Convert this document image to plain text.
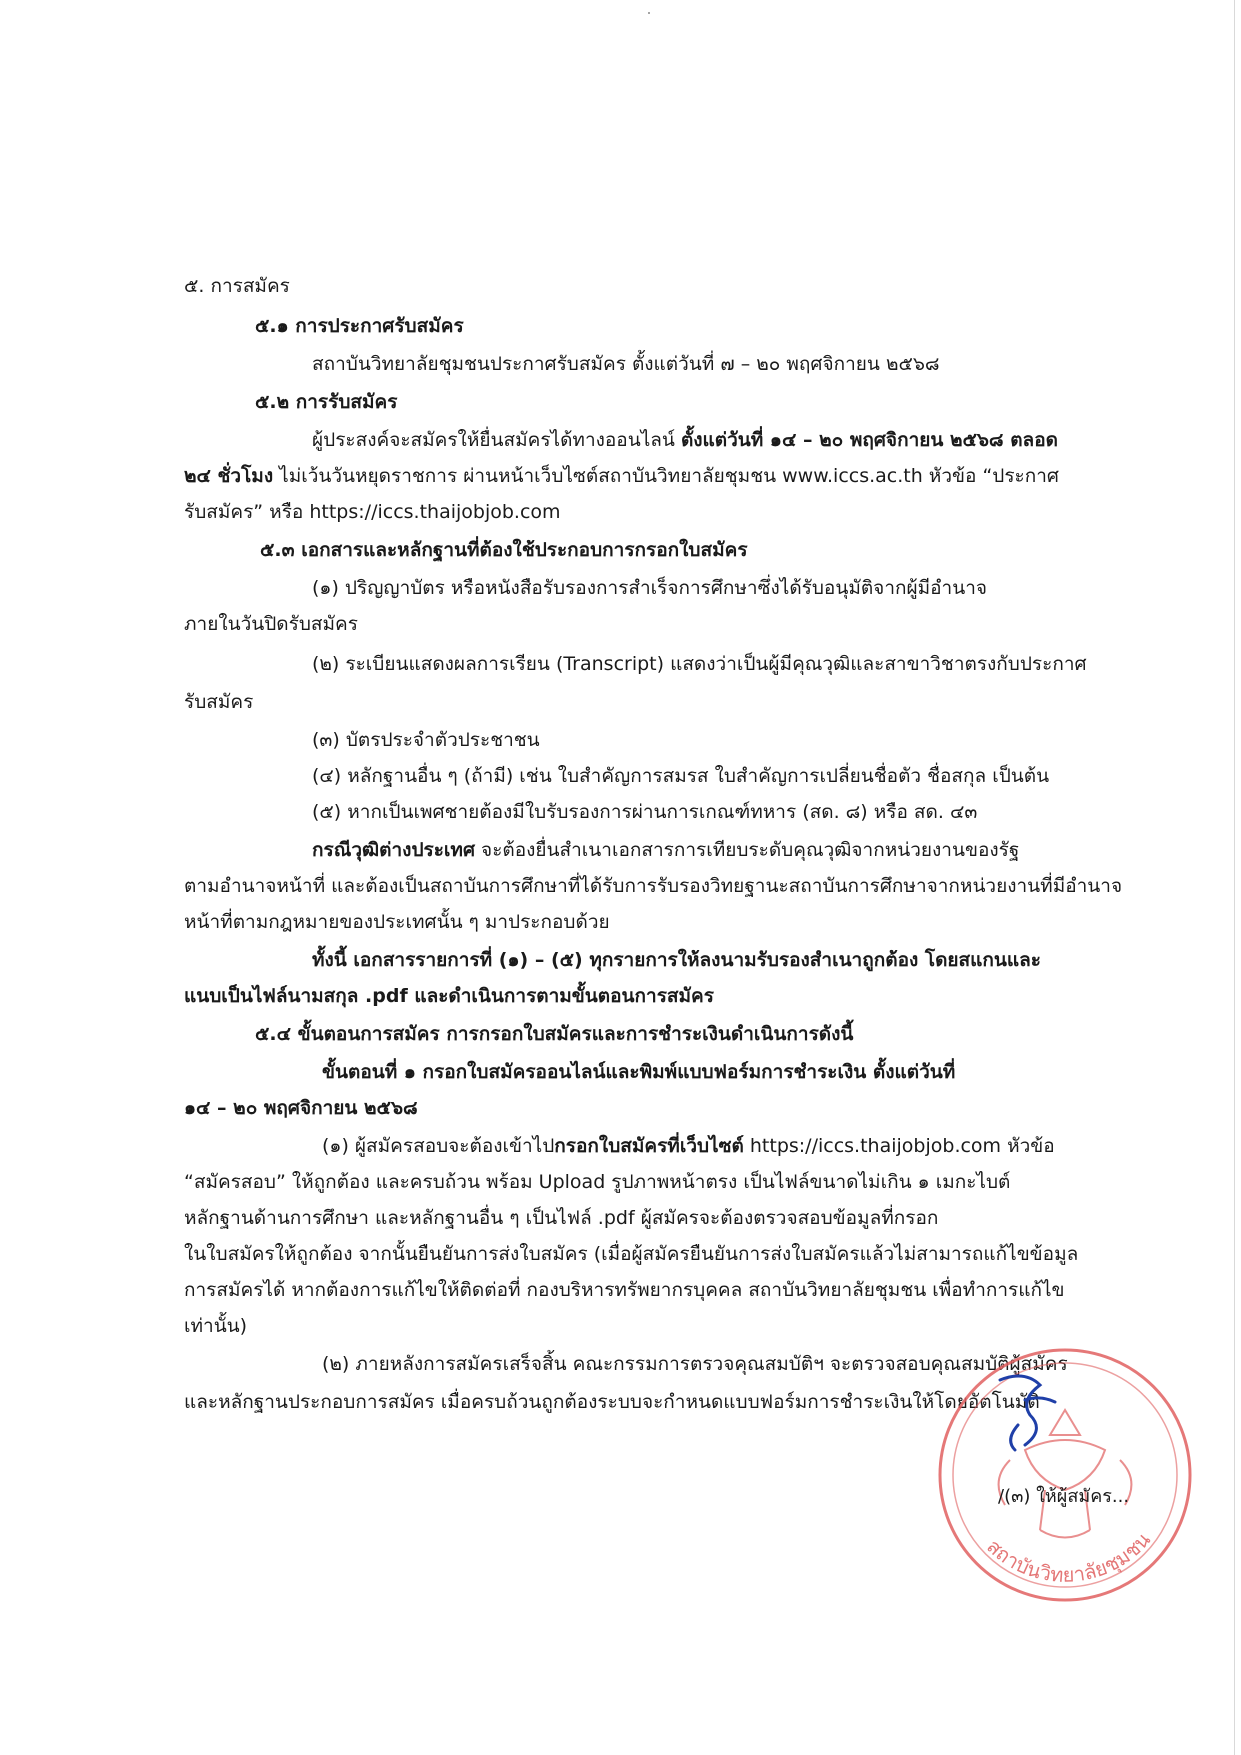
๕. การสมัคร
๕.๑ การประกาศรับสมัคร
สถาบันวิทยาลัยชุมชนประกาศรับสมัคร ตั้งแต่วันที่ ๗ – ๒๐ พฤศจิกายน ๒๕๖๘
๕.๒ การรับสมัคร
ผู้ประสงค์จะสมัครให้ยื่นสมัครได้ทางออนไลน์ ตั้งแต่วันที่ ๑๔ – ๒๐ พฤศจิกายน ๒๕๖๘ ตลอด
๒๔ ชั่วโมง ไม่เว้นวันหยุดราชการ ผ่านหน้าเว็บไซต์สถาบันวิทยาลัยชุมชน www.iccs.ac.th หัวข้อ “ประกาศ
รับสมัคร” หรือ https://iccs.thaijobjob.com
๕.๓ เอกสารและหลักฐานที่ต้องใช้ประกอบการกรอกใบสมัคร
(๑) ปริญญาบัตร หรือหนังสือรับรองการสำเร็จการศึกษาซึ่งได้รับอนุมัติจากผู้มีอำนาจ
ภายในวันปิดรับสมัคร
(๒) ระเบียนแสดงผลการเรียน (Transcript) แสดงว่าเป็นผู้มีคุณวุฒิและสาขาวิชาตรงกับประกาศ
รับสมัคร
(๓) บัตรประจำตัวประชาชน
(๔) หลักฐานอื่น ๆ (ถ้ามี) เช่น ใบสำคัญการสมรส ใบสำคัญการเปลี่ยนชื่อตัว ชื่อสกุล เป็นต้น
(๕) หากเป็นเพศชายต้องมีใบรับรองการผ่านการเกณฑ์ทหาร (สด. ๘) หรือ สด. ๔๓
กรณีวุฒิต่างประเทศ จะต้องยื่นสำเนาเอกสารการเทียบระดับคุณวุฒิจากหน่วยงานของรัฐ
ตามอำนาจหน้าที่ และต้องเป็นสถาบันการศึกษาที่ได้รับการรับรองวิทยฐานะสถาบันการศึกษาจากหน่วยงานที่มีอำนาจ
หน้าที่ตามกฎหมายของประเทศนั้น ๆ มาประกอบด้วย
ทั้งนี้ เอกสารรายการที่ (๑) – (๕) ทุกรายการให้ลงนามรับรองสำเนาถูกต้อง โดยสแกนและ
แนบเป็นไฟล์นามสกุล .pdf และดำเนินการตามขั้นตอนการสมัคร
๕.๔ ขั้นตอนการสมัคร การกรอกใบสมัครและการชำระเงินดำเนินการดังนี้
ขั้นตอนที่ ๑ กรอกใบสมัครออนไลน์และพิมพ์แบบฟอร์มการชำระเงิน ตั้งแต่วันที่
๑๔ – ๒๐ พฤศจิกายน ๒๕๖๘
(๑) ผู้สมัครสอบจะต้องเข้าไปกรอกใบสมัครที่เว็บไซต์ https://iccs.thaijobjob.com หัวข้อ
“สมัครสอบ” ให้ถูกต้อง และครบถ้วน พร้อม Upload รูปภาพหน้าตรง เป็นไฟล์ขนาดไม่เกิน ๑ เมกะไบต์
หลักฐานด้านการศึกษา และหลักฐานอื่น ๆ เป็นไฟล์ .pdf ผู้สมัครจะต้องตรวจสอบข้อมูลที่กรอก
ในใบสมัครให้ถูกต้อง จากนั้นยืนยันการส่งใบสมัคร (เมื่อผู้สมัครยืนยันการส่งใบสมัครแล้วไม่สามารถแก้ไขข้อมูล
การสมัครได้ หากต้องการแก้ไขให้ติดต่อที่ กองบริหารทรัพยากรบุคคล สถาบันวิทยาลัยชุมชน เพื่อทำการแก้ไข
เท่านั้น)
(๒) ภายหลังการสมัครเสร็จสิ้น คณะกรรมการตรวจคุณสมบัติฯ จะตรวจสอบคุณสมบัติผู้สมัคร
และหลักฐานประกอบการสมัคร เมื่อครบถ้วนถูกต้องระบบจะกำหนดแบบฟอร์มการชำระเงินให้โดยอัตโนมัติ
สถาบันวิทยาลัยชุมชน
/(๓) ให้ผู้สมัคร...
